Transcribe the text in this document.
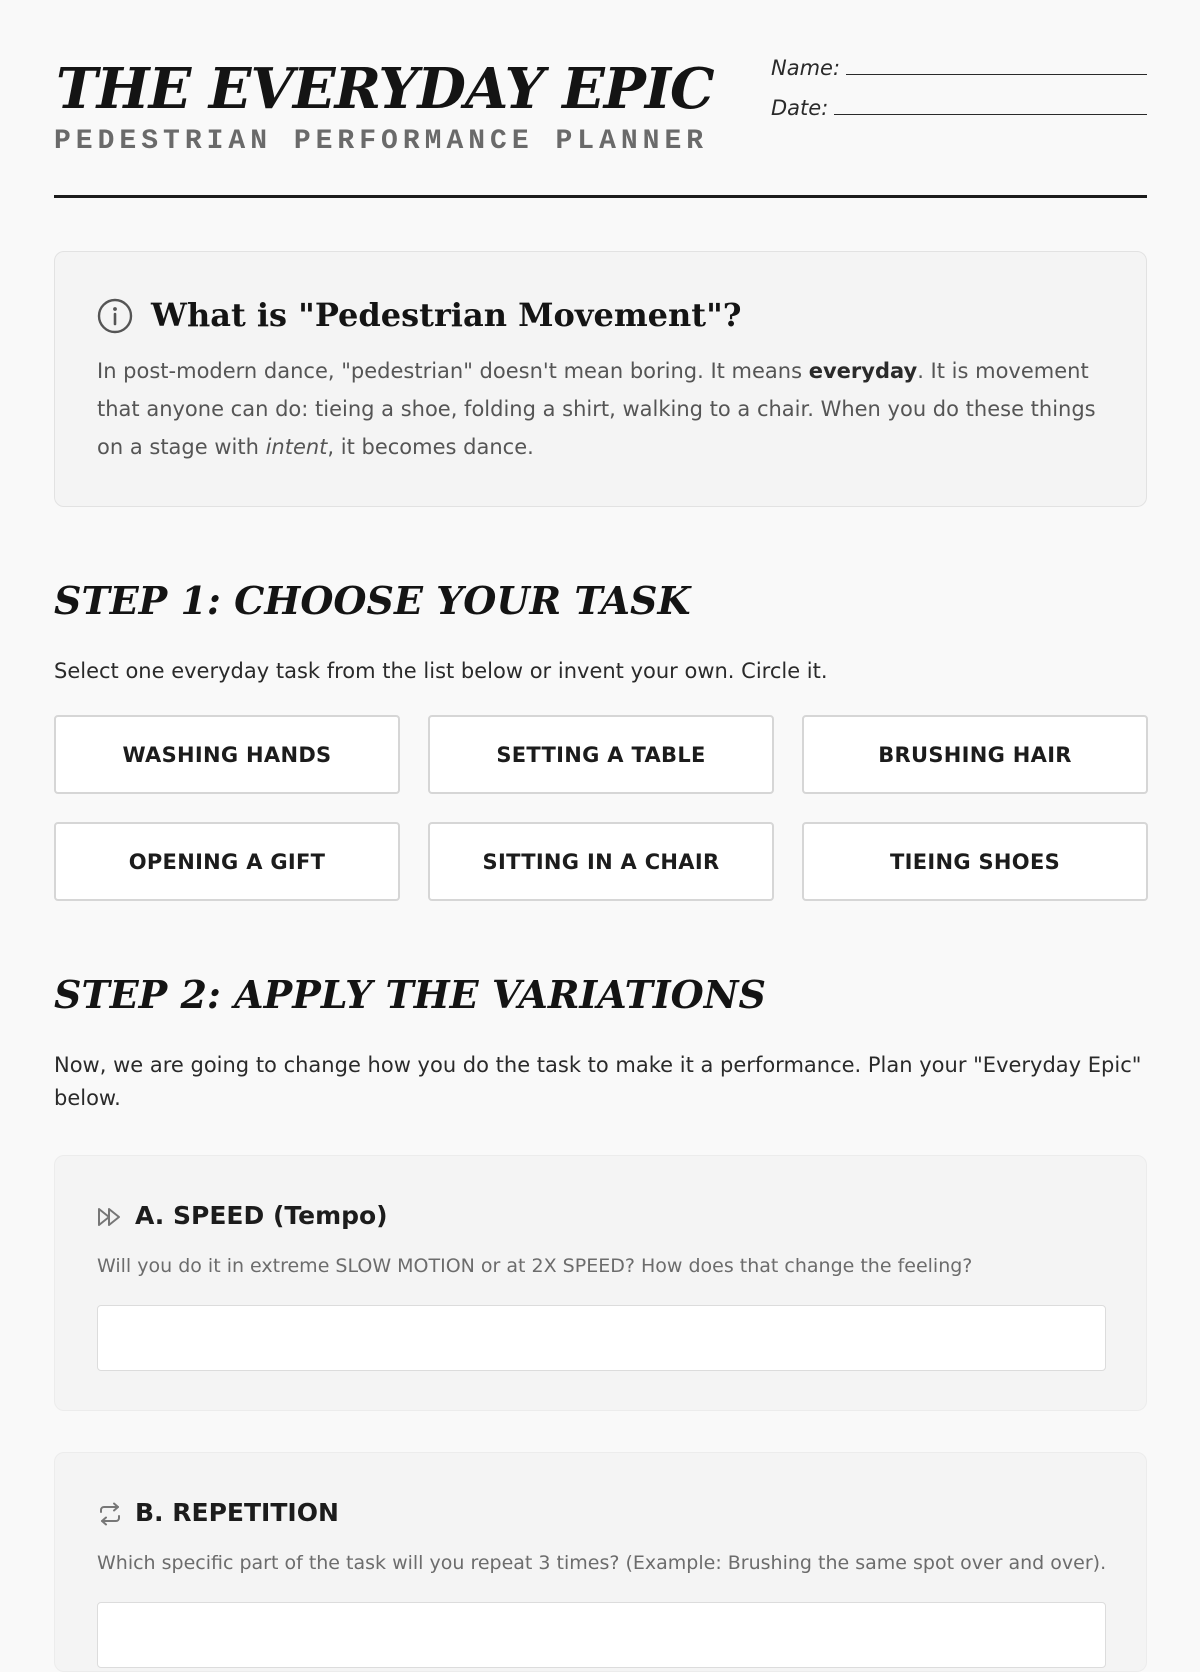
THE EVERYDAY EPIC
PEDESTRIAN PERFORMANCE PLANNER
Name:
Date:
What is "Pedestrian Movement"?

In post-modern dance, "pedestrian" doesn't mean boring. It means everyday. It is movement that anyone can do: tieing a shoe, folding a shirt, walking to a chair. When you do these things on a stage with intent, it becomes dance.

STEP 1: CHOOSE YOUR TASK

Select one everyday task from the list below or invent your own. Circle it.

WASHING HANDS	SETTING A TABLE	BRUSHING HAIR
OPENING A GIFT	SITTING IN A CHAIR	TIEING SHOES
STEP 2: APPLY THE VARIATIONS

Now, we are going to change how you do the task to make it a performance. Plan your "Everyday Epic" below.

A. SPEED (Tempo)

Will you do it in extreme SLOW MOTION or at 2X SPEED? How does that change the feeling?

B. REPETITION

Which specific part of the task will you repeat 3 times? (Example: Brushing the same spot over and over).
